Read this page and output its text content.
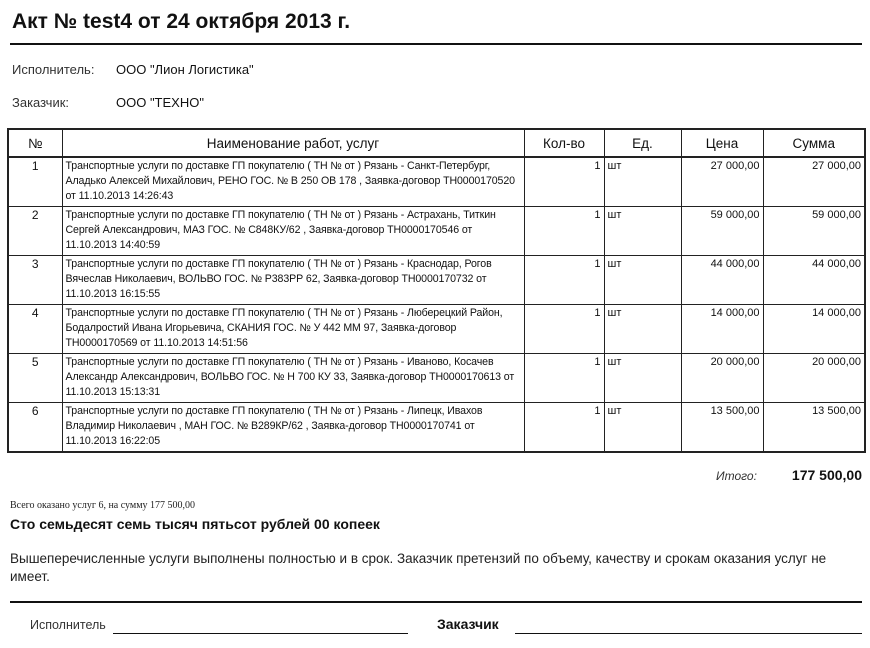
Акт № test4 от 24 октября 2013 г.
Исполнитель: ООО "Лион Логистика"
Заказчик:	ООО "ТЕХНО"
№	Наименование работ, услуг	Кол-во	Ед.	Цена	Сумма
1	Транспортные услуги по доставке ГП покупателю ( ТН № от ) Рязань - Санкт-Петербург, Аладько Алексей Михайлович, РЕНО ГОС. № В 250 ОВ 178 , Заявка-договор ТН0000170520 от 11.10.2013 14:26:43	1	шт	27 000,00	27 000,00
2	Транспортные услуги по доставке ГП покупателю ( ТН № от ) Рязань - Астрахань, Титкин Сергей Александрович, МАЗ ГОС. № С848КУ/62 , Заявка-договор ТН0000170546 от 11.10.2013 14:40:59	1	шт	59 000,00	59 000,00
3	Транспортные услуги по доставке ГП покупателю ( ТН № от ) Рязань - Краснодар, Рогов Вячеслав Николаевич, ВОЛЬВО ГОС. № Р383РР 62, Заявка-договор ТН0000170732 от 11.10.2013 16:15:55	1	шт	44 000,00	44 000,00
4	Транспортные услуги по доставке ГП покупателю ( ТН № от ) Рязань - Люберецкий Район, Бодалростий Ивана Игорьевича, СКАНИЯ ГОС. № У 442 ММ 97, Заявка-договор ТН0000170569 от 11.10.2013 14:51:56	1	шт	14 000,00	14 000,00
5	Транспортные услуги по доставке ГП покупателю ( ТН № от ) Рязань - Иваново, Косачев Александр Александрович, ВОЛЬВО ГОС. № Н 700 КУ 33, Заявка-договор ТН0000170613 от 11.10.2013 15:13:31	1	шт	20 000,00	20 000,00
6	Транспортные услуги по доставке ГП покупателю ( ТН № от ) Рязань - Липецк, Ивахов Владимир Николаевич , МАН ГОС. № В289КР/62 , Заявка-договор ТН0000170741 от 11.10.2013 16:22:05	1	шт	13 500,00	13 500,00
Итого:	177 500,00
Всего оказано услуг 6, на сумму 177 500,00
Сто семьдесят семь тысяч пятьсот рублей 00 копеек
Вышеперечисленные услуги выполнены полностью и в срок. Заказчик претензий по объему, качеству и срокам оказания услуг не имеет.
Исполнитель	Заказчик
